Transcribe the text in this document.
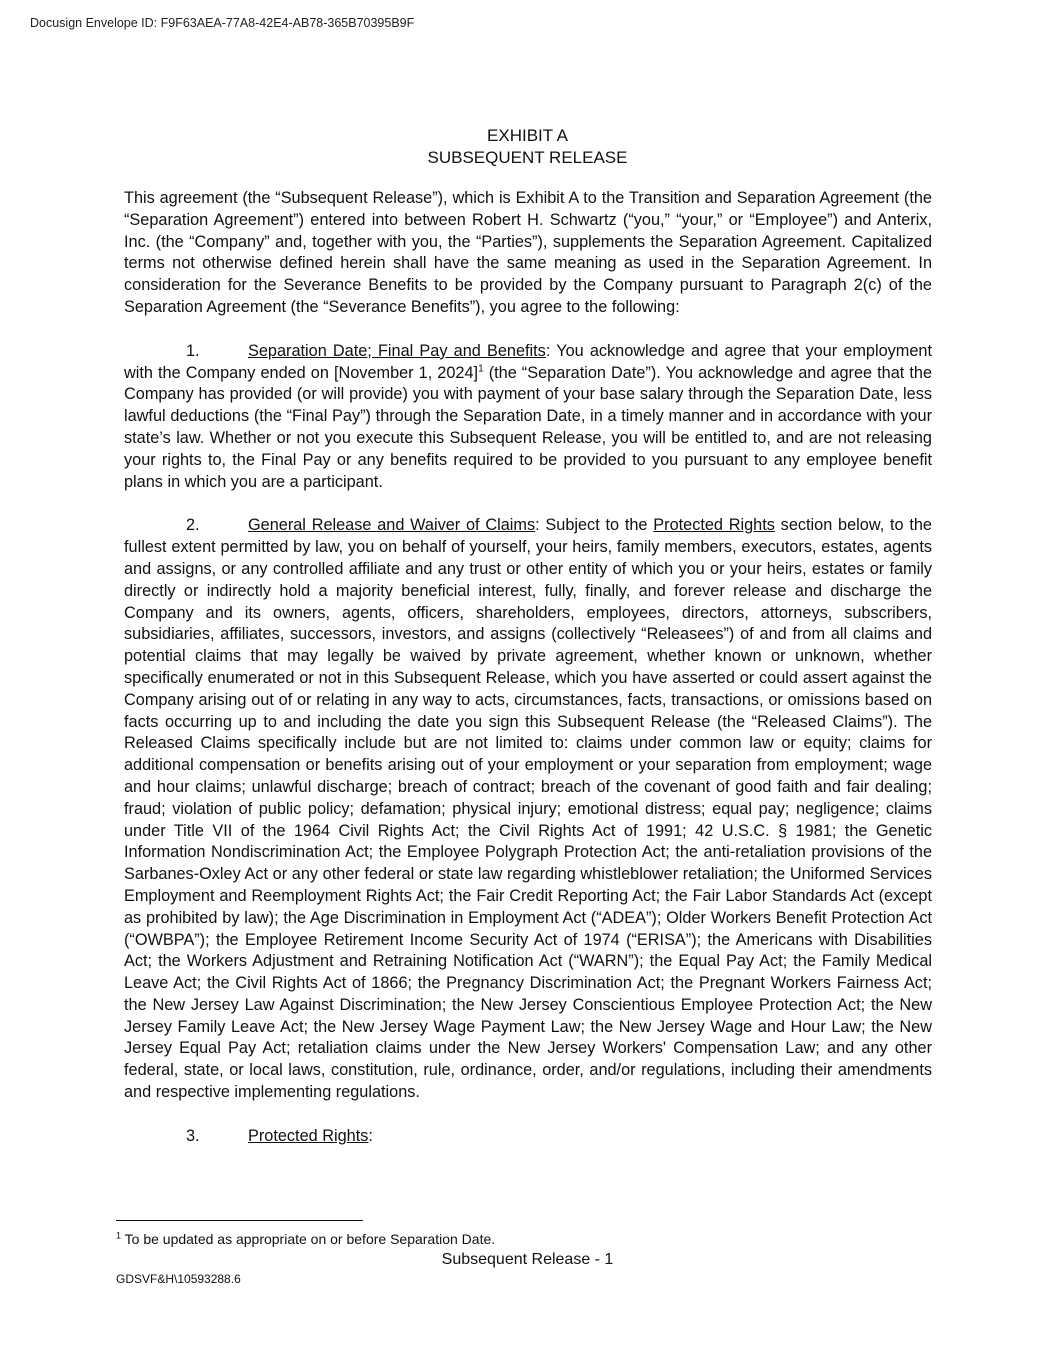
Docusign Envelope ID: F9F63AEA-77A8-42E4-AB78-365B70395B9F
EXHIBIT A
SUBSEQUENT RELEASE

This agreement (the “Subsequent Release”), which is Exhibit A to the Transition and Separation Agreement (the “Separation Agreement”) entered into between Robert H. Schwartz (“you,” “your,” or “Employee”) and Anterix, Inc. (the “Company” and, together with you, the “Parties”), supplements the Separation Agreement. Capitalized terms not otherwise defined herein shall have the same meaning as used in the Separation Agreement. In consideration for the Severance Benefits to be provided by the Company pursuant to Paragraph 2(c) of the Separation Agreement (the “Severance Benefits”), you agree to the following:

1.	Separation Date; Final Pay and Benefits: You acknowledge and agree that your employment with the Company ended on [November 1, 2024]$^1$ (the “Separation Date”). You acknowledge and agree that the Company has provided (or will provide) you with payment of your base salary through the Separation Date, less lawful deductions (the “Final Pay”) through the Separation Date, in a timely manner and in accordance with your state’s law. Whether or not you execute this Subsequent Release, you will be entitled to, and are not releasing your rights to, the Final Pay or any benefits required to be provided to you pursuant to any employee benefit plans in which you are a participant.

2.	General Release and Waiver of Claims: Subject to the Protected Rights section below, to the fullest extent permitted by law, you on behalf of yourself, your heirs, family members, executors, estates, agents and assigns, or any controlled affiliate and any trust or other entity of which you or your heirs, estates or family directly or indirectly hold a majority beneficial interest, fully, finally, and forever release and discharge the Company and its owners, agents, officers, shareholders, employees, directors, attorneys, subscribers, subsidiaries, affiliates, successors, investors, and assigns (collectively “Releasees”) of and from all claims and potential claims that may legally be waived by private agreement, whether known or unknown, whether specifically enumerated or not in this Subsequent Release, which you have asserted or could assert against the Company arising out of or relating in any way to acts, circumstances, facts, transactions, or omissions based on facts occurring up to and including the date you sign this Subsequent Release (the “Released Claims”). The Released Claims specifically include but are not limited to: claims under common law or equity; claims for additional compensation or benefits arising out of your employment or your separation from employment; wage and hour claims; unlawful discharge; breach of contract; breach of the covenant of good faith and fair dealing; fraud; violation of public policy; defamation; physical injury; emotional distress; equal pay; negligence; claims under Title VII of the 1964 Civil Rights Act; the Civil Rights Act of 1991; 42 U.S.C. § 1981; the Genetic Information Nondiscrimination Act; the Employee Polygraph Protection Act; the anti-retaliation provisions of the Sarbanes-Oxley Act or any other federal or state law regarding whistleblower retaliation; the Uniformed Services Employment and Reemployment Rights Act; the Fair Credit Reporting Act; the Fair Labor Standards Act (except as prohibited by law); the Age Discrimination in Employment Act (“ADEA”); Older Workers Benefit Protection Act (“OWBPA”); the Employee Retirement Income Security Act of 1974 (“ERISA”); the Americans with Disabilities Act; the Workers Adjustment and Retraining Notification Act (“WARN”); the Equal Pay Act; the Family Medical Leave Act; the Civil Rights Act of 1866; the Pregnancy Discrimination Act; the Pregnant Workers Fairness Act; the New Jersey Law Against Discrimination; the New Jersey Conscientious Employee Protection Act; the New Jersey Family Leave Act; the New Jersey Wage Payment Law; the New Jersey Wage and Hour Law; the New Jersey Equal Pay Act; retaliation claims under the New Jersey Workers' Compensation Law; and any other federal, state, or local laws, constitution, rule, ordinance, order, and/or regulations, including their amendments and respective implementing regulations.

3.	Protected Rights:

$^1$ To be updated as appropriate on or before Separation Date.
Subsequent Release - 1
GDSVF&H\10593288.6
